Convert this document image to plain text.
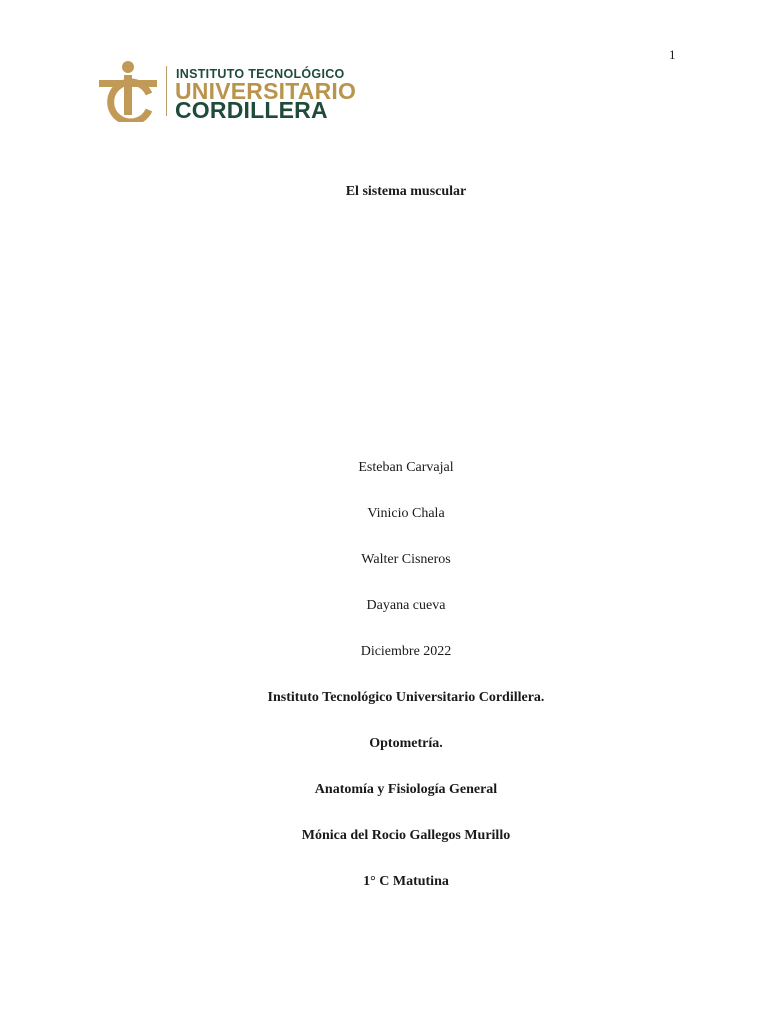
1
INSTITUTO TECNOLÓGICO
UNIVERSITARIO
CORDILLERA
El sistema muscular
Esteban Carvajal
Vinicio Chala
Walter Cisneros
Dayana cueva
Diciembre 2022
Instituto Tecnológico Universitario Cordillera.
Optometría.
Anatomía y Fisiología General
Mónica del Rocio Gallegos Murillo
1° C Matutina
